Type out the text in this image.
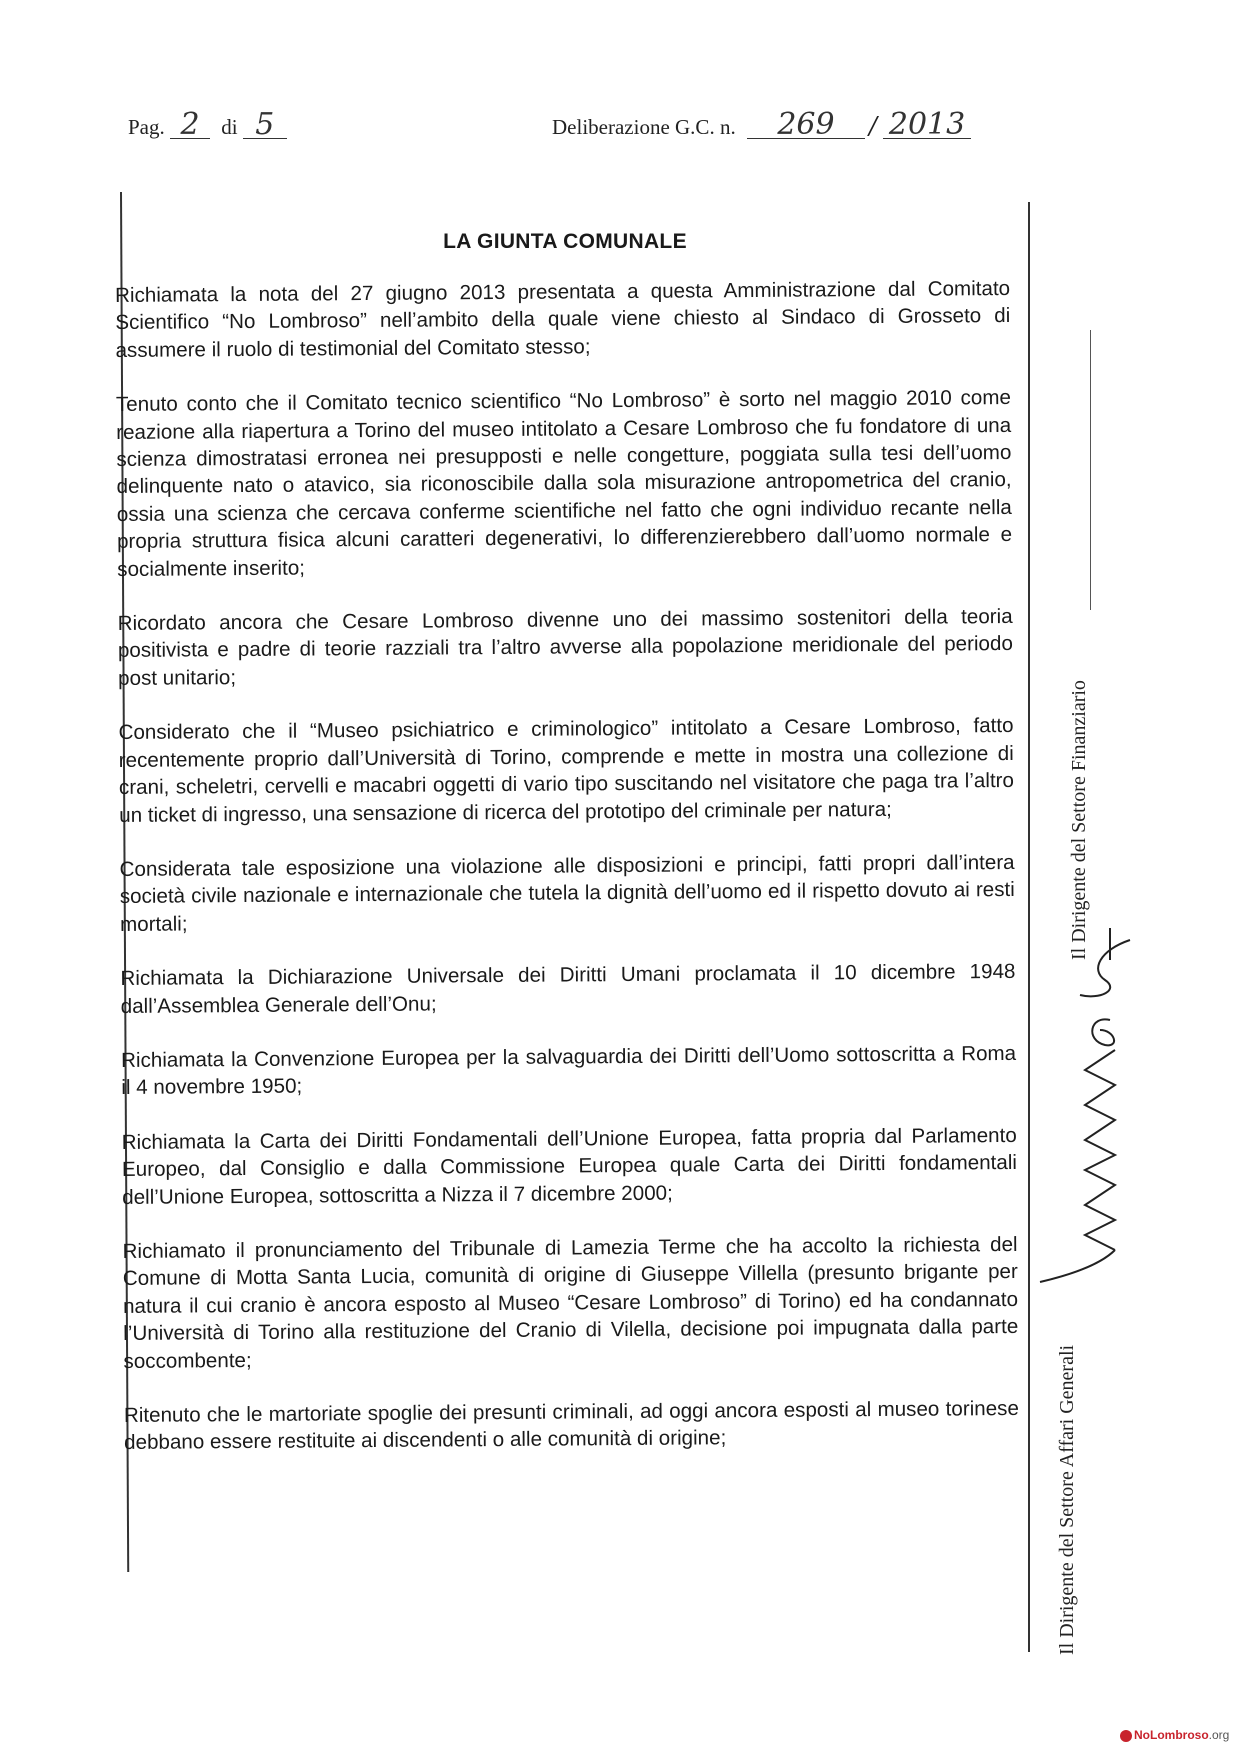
Pag. 2 di 5	Deliberazione G.C. n. 269 / 2013
LA GIUNTA COMUNALE

Richiamata la nota del 27 giugno 2013 presentata a questa Amministrazione dal Comitato Scientifico “No Lombroso” nell’ambito della quale viene chiesto al Sindaco di Grosseto di assumere il ruolo di testimonial del Comitato stesso;

Tenuto conto che il Comitato tecnico scientifico “No Lombroso” è sorto nel maggio 2010 come reazione alla riapertura a Torino del museo intitolato a Cesare Lombroso che fu fondatore di una scienza dimostratasi erronea nei presupposti e nelle congetture, poggiata sulla tesi dell’uomo delinquente nato o atavico, sia riconoscibile dalla sola misurazione antropometrica del cranio, ossia una scienza che cercava conferme scientifiche nel fatto che ogni individuo recante nella propria struttura fisica alcuni caratteri degenerativi, lo differenzierebbero dall’uomo normale e socialmente inserito;

Ricordato ancora che Cesare Lombroso divenne uno dei massimo sostenitori della teoria positivista e padre di teorie razziali tra l’altro avverse alla popolazione meridionale del periodo post unitario;

Considerato che il “Museo psichiatrico e criminologico” intitolato a Cesare Lombroso, fatto recentemente proprio dall’Università di Torino, comprende e mette in mostra una collezione di crani, scheletri, cervelli e macabri oggetti di vario tipo suscitando nel visitatore che paga tra l’altro un ticket di ingresso, una sensazione di ricerca del prototipo del criminale per natura;

Considerata tale esposizione una violazione alle disposizioni e principi, fatti propri dall’intera società civile nazionale e internazionale che tutela la dignità dell’uomo ed il rispetto dovuto ai resti mortali;

Richiamata la Dichiarazione Universale dei Diritti Umani proclamata il 10 dicembre 1948 dall’Assemblea Generale dell’Onu;

Richiamata la Convenzione Europea per la salvaguardia dei Diritti dell’Uomo sottoscritta a Roma il 4 novembre 1950;

Richiamata la Carta dei Diritti Fondamentali dell’Unione Europea, fatta propria dal Parlamento Europeo, dal Consiglio e dalla Commissione Europea quale Carta dei Diritti fondamentali dell’Unione Europea, sottoscritta a Nizza il 7 dicembre 2000;

Richiamato il pronunciamento del Tribunale di Lamezia Terme che ha accolto la richiesta del Comune di Motta Santa Lucia, comunità di origine di Giuseppe Villella (presunto brigante per natura il cui cranio è ancora esposto al Museo “Cesare Lombroso” di Torino) ed ha condannato l’Università di Torino alla restituzione del Cranio di Vilella, decisione poi impugnata dalla parte soccombente;

Ritenuto che le martoriate spoglie dei presunti criminali, ad oggi ancora esposti al museo torinese debbano essere restituite ai discendenti o alle comunità di origine;	Il Dirigente del Settore Affari Generali
Il Dirigente del Settore Finanziario
NoLombroso.org
